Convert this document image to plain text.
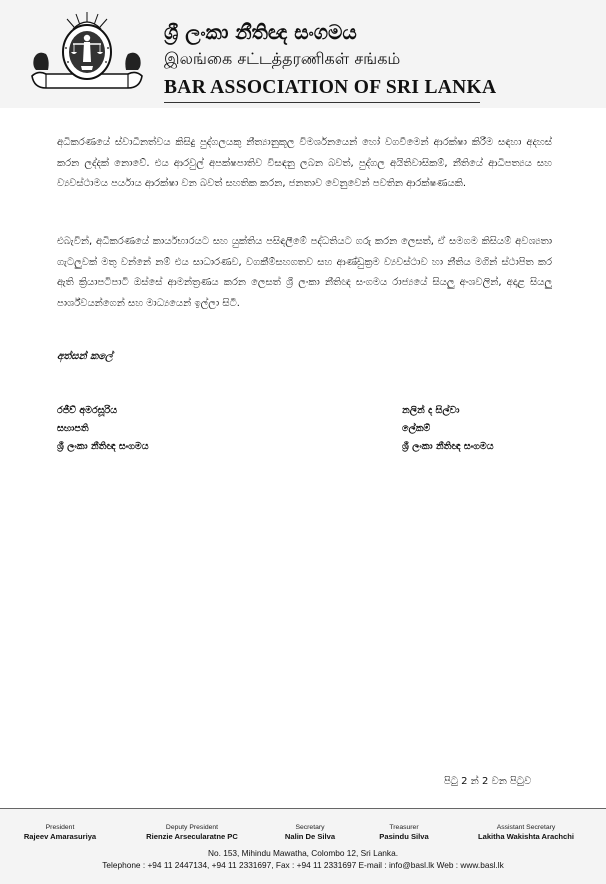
ශ්‍රී ලංකා නීතිඥ සංගමය
இலங்கை சட்டத்தரணிகள் சங்கம்
BAR ASSOCIATION OF SRI LANKA

අධිකරණයේ ස්වාධීනත්වය කිසිදු පුද්ගලයකු නීත්‍යානුකූල විමර්ශනයෙන් හෝ වගවීමෙන් ආරක්ෂා කිරීම සඳහා අදහස් කරන ලද්දක් නොවේ. එය ආරවුල් අපක්ෂපාතිව විසඳනු ලබන බවත්, පුද්ගල අයිතිවාසිකම්, නීතියේ ආධිපත්‍යය සහ ව්‍යවස්ථාමය පර්යාය ආරක්ෂා වන බවත් සහතික කරන, ජනතාව වෙනුවෙන් පවතින ආරක්ෂණයකි.

එබැවින්, අධිකරණයේ කාර්යභාරයට සහ යුක්තිය පසිඳලීමේ පද්ධතියට ගරු කරන ලෙසත්, ඒ සමගම කිසියම් අවශ්‍යතා ගැටලුවක් මතු වන්නේ නම් එය සාධාරණව, වගකීම්සහගතව සහ ආණ්ඩුක්‍රම ව්‍යවස්ථාව හා නීතිය මගින් ස්ථාපිත කර ඇති ක්‍රියාපටිපාටි ඔස්සේ ආමන්ත්‍රණය කරන ලෙසත් ශ්‍රී ලංකා නීතිඥ සංගමය රාජ්‍යයේ සියලු අංශවලින්, අදාළ සියලු පාර්ශ්වයන්ගෙන් සහ මාධ්‍යයෙන් ඉල්ලා සිටී.

අත්සන් කලේ
රජීව් අමරසූරිය
සභාපති
ශ්‍රී ලංකා නීතිඥ සංගමය
නලින් ද සිල්වා
ලේකම්
ශ්‍රී ලංකා නීතිඥ සංගමය
පිටු 2 න් 2 වන පිටුව
President
Rajeev Amarasuriya
Deputy President
Rienzie Arsecularatne PC
Secretary
Nalin De Silva
Treasurer
Pasindu Silva
Assistant Secretary
Lakitha Wakishta Arachchi
No. 153, Mihindu Mawatha, Colombo 12, Sri Lanka.
Telephone : +94 11 2447134, +94 11 2331697, Fax : +94 11 2331697 E-mail : info@basl.lk Web : www.basl.lk
